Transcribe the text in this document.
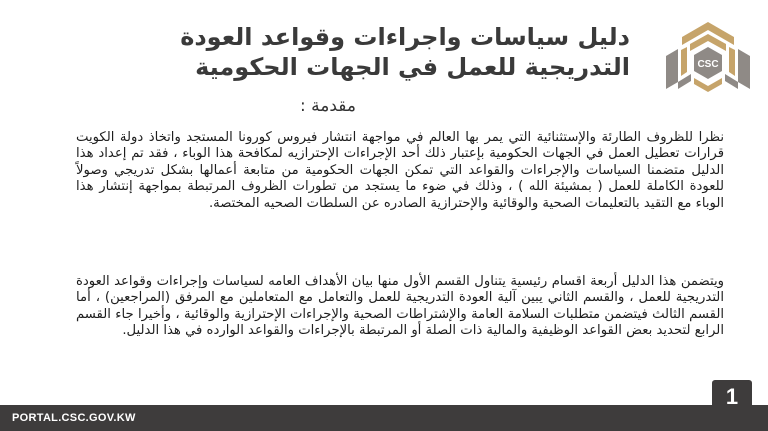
CSC
دليل سياسات واجراءات وقواعد العودة
التدريجية للعمل في الجهات الحكومية
مقدمة :

نظرا للظروف الطارئة والإستثنائية التي يمر بها العالم في مواجهة انتشار فيروس كورونا المستجد واتخاذ دولة الكويت قرارات تعطيل العمل في الجهات الحكومية بإعتبار ذلك أحد الإجراءات الإحترازيه لمكافحة هذا الوباء ، فقد تم إعداد هذا الدليل متضمنا السياسات والإجراءات والقواعد التي تمكن الجهات الحكومية من متابعة أعمالها بشكل تدريجي وصولاً للعودة الكاملة للعمل ( بمشيئة الله ) ، وذلك في ضوء ما يستجد من تطورات الظروف المرتبطة بمواجهة إنتشار هذا الوباء مع التقيد بالتعليمات الصحية والوقائية والإحترازية الصادره عن السلطات الصحيه المختصة.

ويتضمن هذا الدليل أربعة اقسام رئيسية يتناول القسم الأول منها بيان الأهداف العامه لسياسات وإجراءات وقواعد العودة التدريجية للعمل ، والقسم الثاني يبين آلية العودة التدريجية للعمل والتعامل مع المتعاملين مع المرفق (المراجعين) ، أما القسم الثالث فيتضمن متطلبات السلامة العامة والإشتراطات الصحية والإجراءات الإحترازية والوقائية ، وأخيرا جاء القسم الرابع لتحديد بعض القواعد الوظيفية والمالية ذات الصلة أو المرتبطة بالإجراءات والقواعد الوارده في هذا الدليل.

PORTAL.CSC.GOV.KW
1
